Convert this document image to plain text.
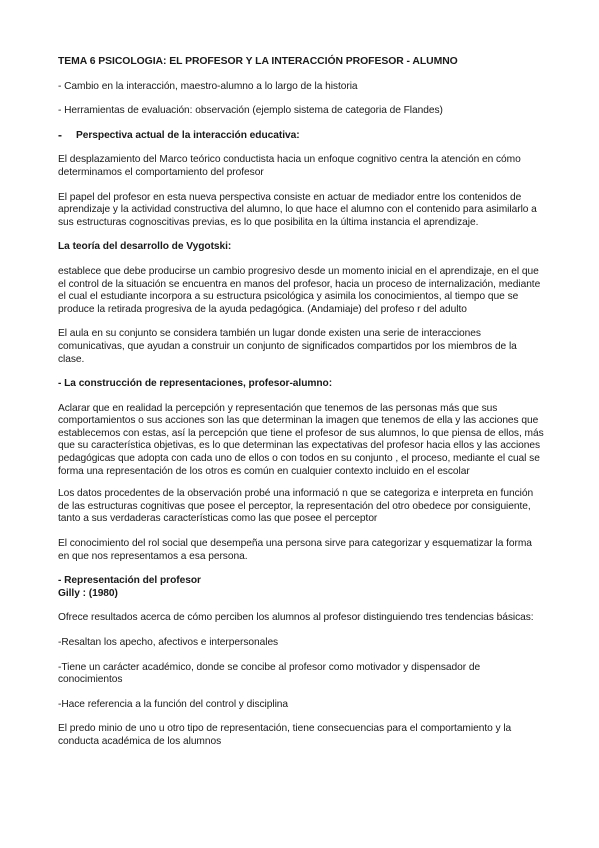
TEMA 6 PSICOLOGIA: EL PROFESOR Y LA INTERACCIÓN PROFESOR - ALUMNO

- Cambio en la interacción, maestro-alumno a lo largo de la historia

- Herramientas de evaluación: observación (ejemplo sistema de categoria de Flandes)

- Perspectiva actual de la interacción educativa:

El desplazamiento del Marco teórico conductista hacia un enfoque cognitivo centra la atención en cómo determinamos el comportamiento del profesor

El papel del profesor en esta nueva perspectiva consiste en actuar de mediador entre los contenidos de aprendizaje y la actividad constructiva del alumno, lo que hace el alumno con el contenido para asimilarlo a sus estructuras cognoscitivas previas, es lo que posibilita en la última instancia el aprendizaje.

La teoría del desarrollo de Vygotski:

establece que debe producirse un cambio progresivo desde un momento inicial en el aprendizaje, en el que el control de la situación se encuentra en manos del profesor, hacia un proceso de internalización, mediante el cual el estudiante incorpora a su estructura psicológica y asimila los conocimientos, al tiempo que se produce la retirada progresiva de la ayuda pedagógica. (Andamiaje) del profeso r del adulto

El aula en su conjunto se considera también un lugar donde existen una serie de interacciones comunicativas, que ayudan a construir un conjunto de significados compartidos por los miembros de la clase.

- La construcción de representaciones, profesor-alumno:

Aclarar que en realidad la percepción y representación que tenemos de las personas más que sus comportamientos o sus acciones son las que determinan la imagen que tenemos de ella y las acciones que establecemos con estas, así la percepción que tiene el profesor de sus alumnos, lo que piensa de ellos, más que su característica objetivas, es lo que determinan las expectativas del profesor hacia ellos y las acciones pedagógicas que adopta con cada uno de ellos o con todos en su conjunto , el proceso, mediante el cual se forma una representación de los otros es común en cualquier contexto incluido en el escolar

Los datos procedentes de la observación probé una informació n que se categoriza e interpreta en función de las estructuras cognitivas que posee el perceptor, la representación del otro obedece por consiguiente, tanto a sus verdaderas características como las que posee el perceptor

El conocimiento del rol social que desempeña una persona sirve para categorizar y esquematizar la forma en que nos representamos a esa persona.

- Representación del profesor

Gilly : (1980)

Ofrece resultados acerca de cómo perciben los alumnos al profesor distinguiendo tres tendencias básicas:

-Resaltan los apecho, afectivos e interpersonales

-Tiene un carácter académico, donde se concibe al profesor como motivador y dispensador de conocimientos

-Hace referencia a la función del control y disciplina

El predo minio de uno u otro tipo de representación, tiene consecuencias para el comportamiento y la conducta académica de los alumnos
